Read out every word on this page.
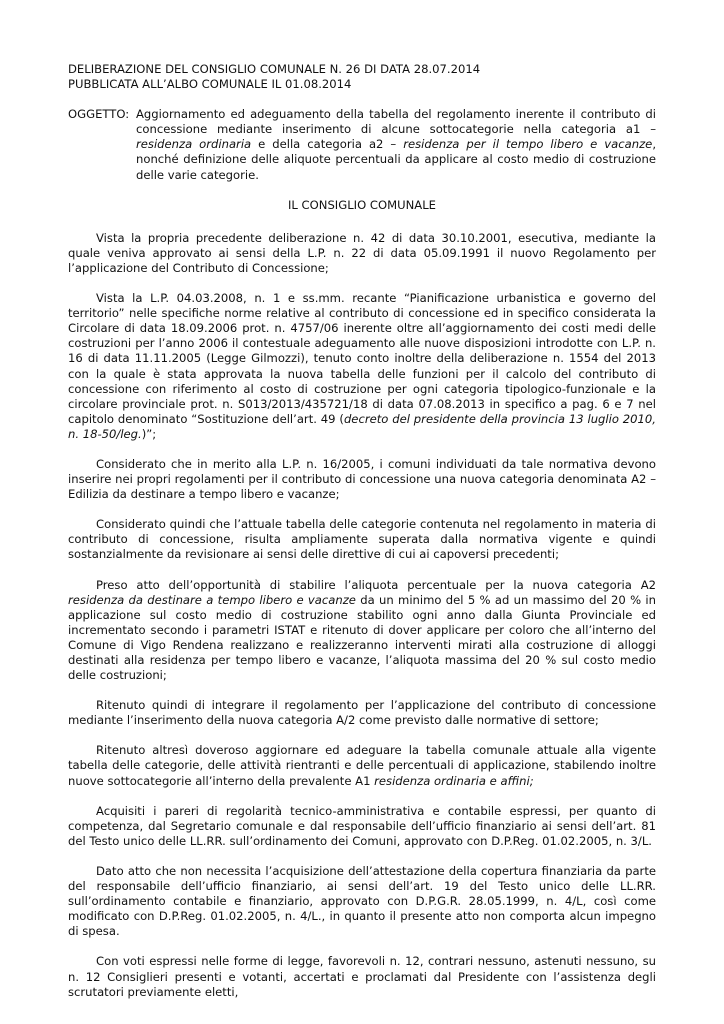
DELIBERAZIONE DEL CONSIGLIO COMUNALE N. 26 DI DATA 28.07.2014

PUBBLICATA ALL’ALBO COMUNALE IL 01.08.2014

OGGETTO: Aggiornamento ed adeguamento della tabella del regolamento inerente il contributo di concessione mediante inserimento di alcune sottocategorie nella categoria a1 – residenza ordinaria e della categoria a2 – residenza per il tempo libero e vacanze, nonché definizione delle aliquote percentuali da applicare al costo medio di costruzione delle varie categorie.
IL CONSIGLIO COMUNALE

Vista la propria precedente deliberazione n. 42 di data 30.10.2001, esecutiva, mediante la quale veniva approvato ai sensi della L.P. n. 22 di data 05.09.1991 il nuovo Regolamento per l’applicazione del Contributo di Concessione;

Vista la L.P. 04.03.2008, n. 1 e ss.mm. recante “Pianificazione urbanistica e governo del territorio” nelle specifiche norme relative al contributo di concessione ed in specifico considerata la Circolare di data 18.09.2006 prot. n. 4757/06 inerente oltre all’aggiornamento dei costi medi delle costruzioni per l’anno 2006 il contestuale adeguamento alle nuove disposizioni introdotte con L.P. n. 16 di data 11.11.2005 (Legge Gilmozzi), tenuto conto inoltre della deliberazione n. 1554 del 2013 con la quale è stata approvata la nuova tabella delle funzioni per il calcolo del contributo di concessione con riferimento al costo di costruzione per ogni categoria tipologico-funzionale e la circolare provinciale prot. n. S013/2013/435721/18 di data 07.08.2013 in specifico a pag. 6 e 7 nel capitolo denominato “Sostituzione dell’art. 49 (decreto del presidente della provincia 13 luglio 2010, n. 18-50/leg.)”;

Considerato che in merito alla L.P. n. 16/2005, i comuni individuati da tale normativa devono inserire nei propri regolamenti per il contributo di concessione una nuova categoria denominata A2 – Edilizia da destinare a tempo libero e vacanze;

Considerato quindi che l’attuale tabella delle categorie contenuta nel regolamento in materia di contributo di concessione, risulta ampliamente superata dalla normativa vigente e quindi sostanzialmente da revisionare ai sensi delle direttive di cui ai capoversi precedenti;

Preso atto dell’opportunità di stabilire l’aliquota percentuale per la nuova categoria A2 residenza da destinare a tempo libero e vacanze da un minimo del 5 % ad un massimo del 20 % in applicazione sul costo medio di costruzione stabilito ogni anno dalla Giunta Provinciale ed incrementato secondo i parametri ISTAT e ritenuto di dover applicare per coloro che all’interno del Comune di Vigo Rendena realizzano e realizzeranno interventi mirati alla costruzione di alloggi destinati alla residenza per tempo libero e vacanze, l’aliquota massima del 20 % sul costo medio delle costruzioni;

Ritenuto quindi di integrare il regolamento per l’applicazione del contributo di concessione mediante l’inserimento della nuova categoria A/2 come previsto dalle normative di settore;

Ritenuto altresì doveroso aggiornare ed adeguare la tabella comunale attuale alla vigente tabella delle categorie, delle attività rientranti e delle percentuali di applicazione, stabilendo inoltre nuove sottocategorie all’interno della prevalente A1 residenza ordinaria e affini;

Acquisiti i pareri di regolarità tecnico-amministrativa e contabile espressi, per quanto di competenza, dal Segretario comunale e dal responsabile dell’ufficio finanziario ai sensi dell’art. 81 del Testo unico delle LL.RR. sull’ordinamento dei Comuni, approvato con D.P.Reg. 01.02.2005, n. 3/L.

Dato atto che non necessita l’acquisizione dell’attestazione della copertura finanziaria da parte del responsabile dell’ufficio finanziario, ai sensi dell’art. 19 del Testo unico delle LL.RR. sull’ordinamento contabile e finanziario, approvato con D.P.G.R. 28.05.1999, n. 4/L, così come modificato con D.P.Reg. 01.02.2005, n. 4/L., in quanto il presente atto non comporta alcun impegno di spesa.

Con voti espressi nelle forme di legge, favorevoli n. 12, contrari nessuno, astenuti nessuno, su n. 12 Consiglieri presenti e votanti, accertati e proclamati dal Presidente con l’assistenza degli scrutatori previamente eletti,
